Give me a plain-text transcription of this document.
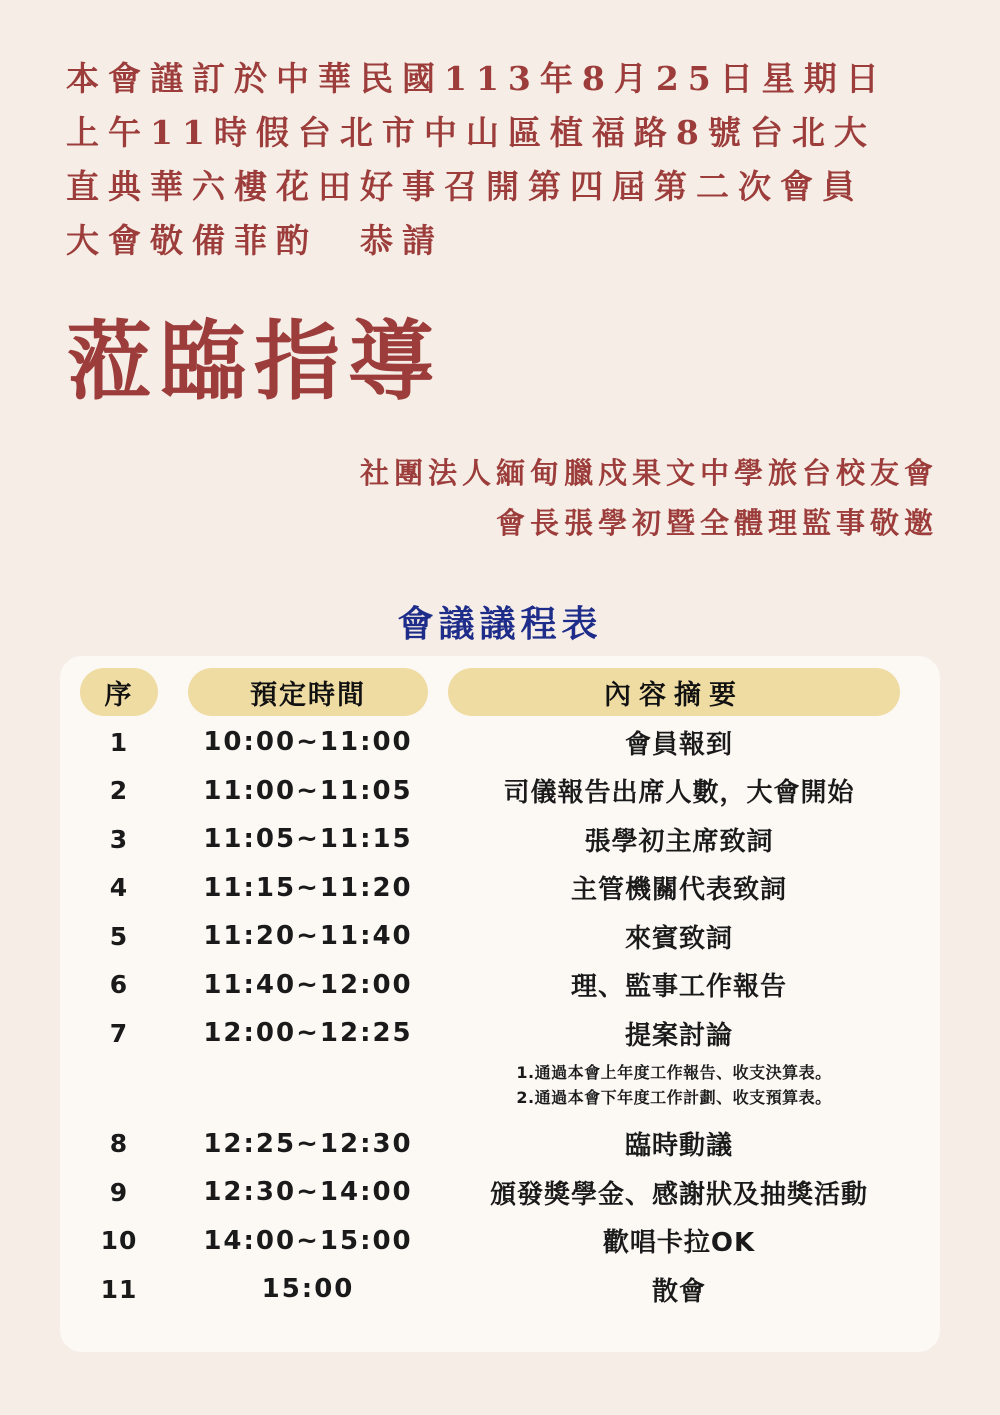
本會謹訂於中華民國113年8月25日星期日
上午11時假台北市中山區植福路8號台北大
直典華六樓花田好事召開第四屆第二次會員
大會敬備菲酌　恭請
蒞臨指導
社團法人緬甸臘戍果文中學旅台校友會
會長張學初暨全體理監事敬邀
會議議程表
序	預定時間	內容摘要
1	10:00~11:00	會員報到
2	11:00~11:05	司儀報告出席人數，大會開始
3	11:05~11:15	張學初主席致詞
4	11:15~11:20	主管機關代表致詞
5	11:20~11:40	來賓致詞
6	11:40~12:00	理、監事工作報告
7	12:00~12:25	提案討論
1.通過本會上年度工作報告、收支決算表。
2.通過本會下年度工作計劃、收支預算表。
8	12:25~12:30	臨時動議
9	12:30~14:00	頒發獎學金、感謝狀及抽獎活動
10	14:00~15:00	歡唱卡拉OK
11	15:00	散會
